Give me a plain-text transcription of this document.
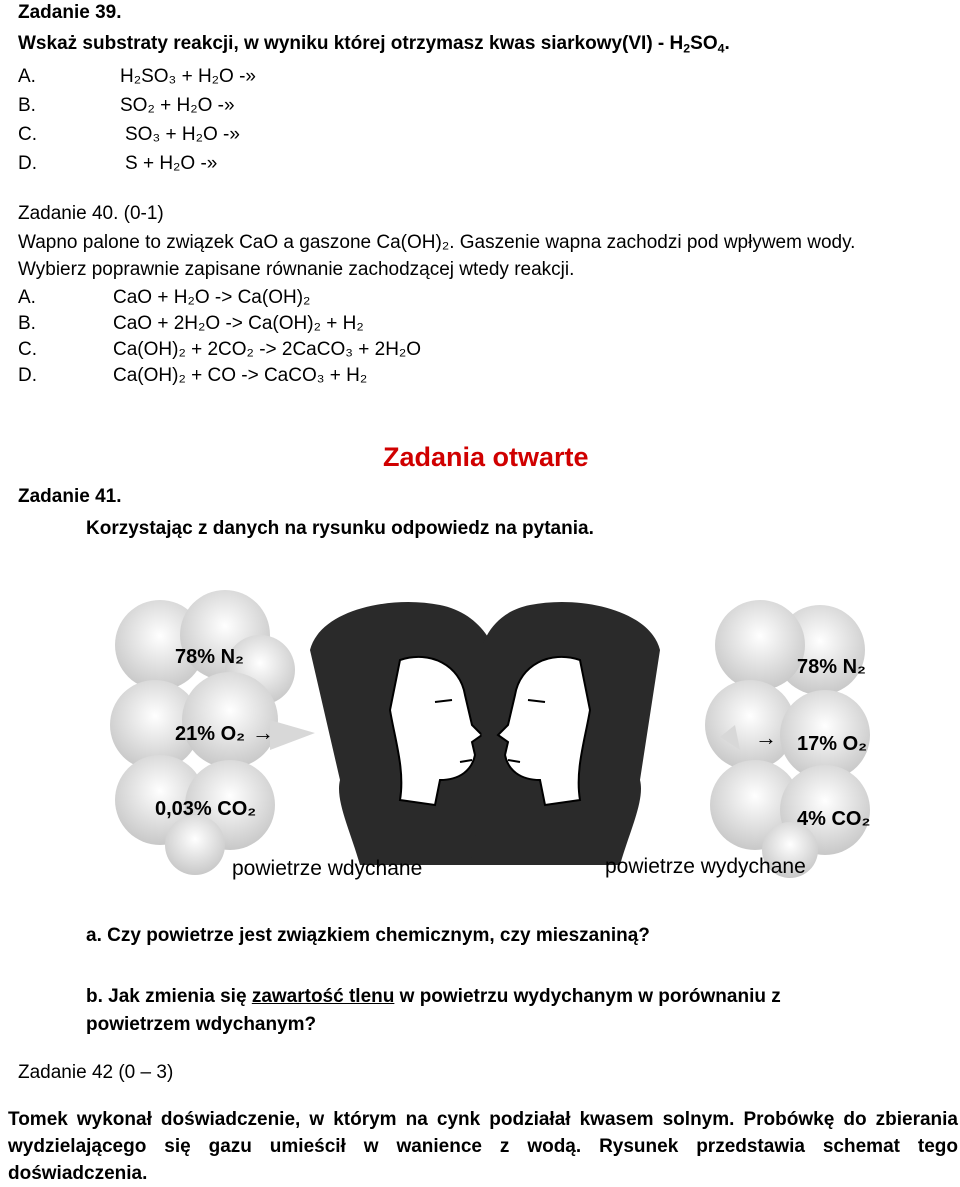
Zadanie 39.
Wskaż substraty reakcji, w wyniku której otrzymasz kwas siarkowy(VI) - $H_2SO_4$.
A.	H₂SO₃ + H₂O -»
B.	SO₂ + H₂O -»
C.	SO₃ + H₂O -»
D.	S + H₂O -»
Zadanie 40. (0-1)
Wapno palone to związek CaO a gaszone Ca(OH)₂. Gaszenie wapna zachodzi pod wpływem wody.
Wybierz poprawnie zapisane równanie zachodzącej wtedy reakcji.
A.	CaO + H₂O -> Ca(OH)₂
B.	CaO + 2H₂O -> Ca(OH)₂ + H₂
C.	Ca(OH)₂ + 2CO₂ -> 2CaCO₃ + 2H₂O
D.	Ca(OH)₂ + CO -> CaCO₃ + H₂
Zadania otwarte
Zadanie 41.
Korzystając z danych na rysunku odpowiedz na pytania.
78% N₂
21% O₂
0,03% CO₂
→
78% N₂
17% O₂
4% CO₂
→
powietrze wdychane	powietrze wydychane
a. Czy powietrze jest związkiem chemicznym, czy mieszaniną?
b. Jak zmienia się zawartość tlenu w powietrzu wydychanym w porównaniu z
powietrzem wdychanym?
Zadanie 42 (0 – 3)
Tomek wykonał doświadczenie, w którym na cynk podziałał kwasem solnym. Probówkę do zbierania wydzielającego się gazu umieścił w wanience z wodą. Rysunek przedstawia schemat tego doświadczenia.
